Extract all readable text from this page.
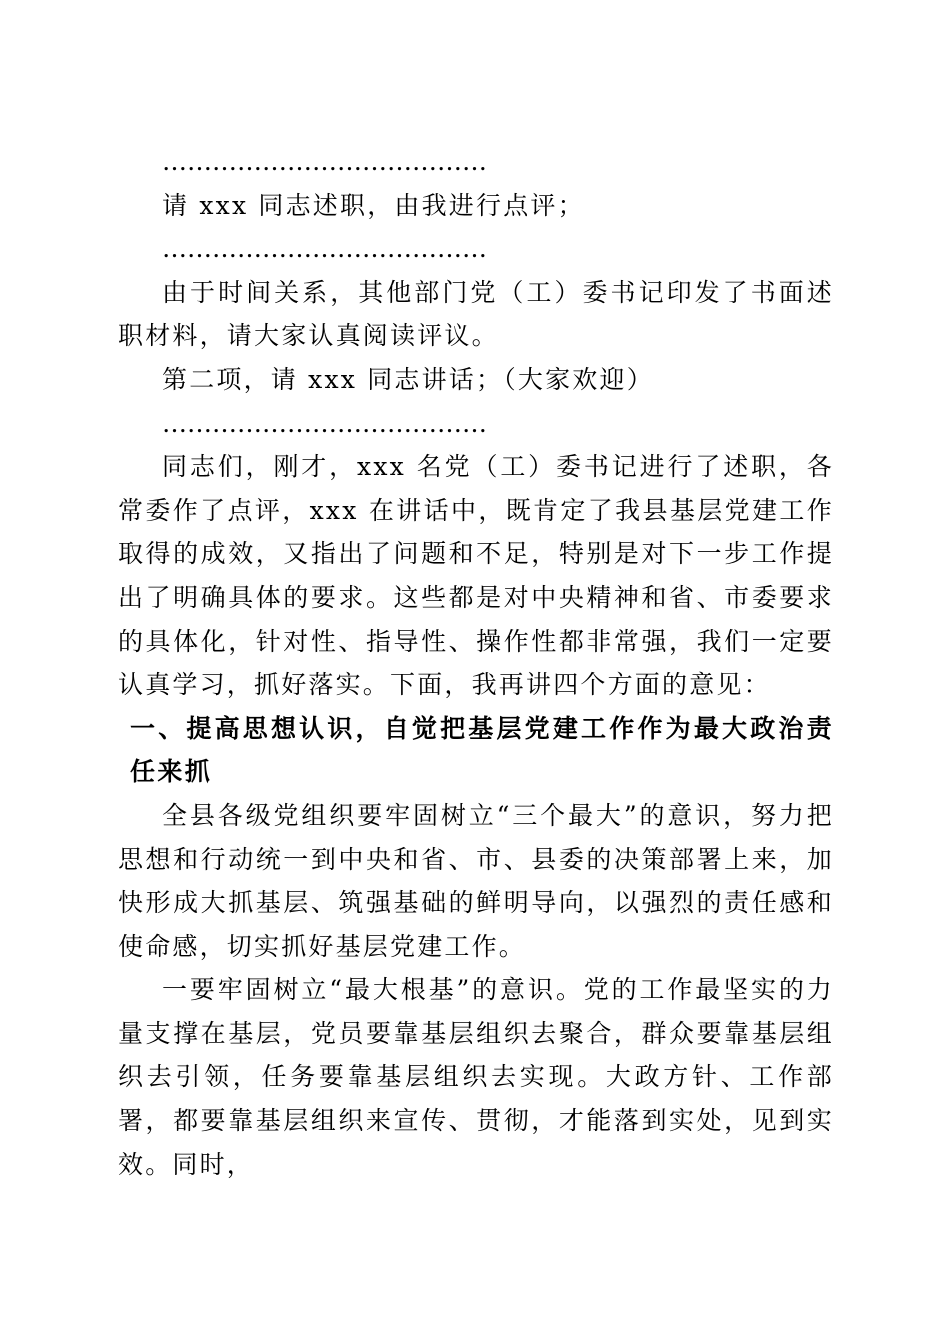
…………………………………

请 xxx 同志述职，由我进行点评；

…………………………………

由于时间关系，其他部门党（工）委书记印发了书面述职材料，请大家认真阅读评议。

第二项，请 xxx 同志讲话；（大家欢迎）

…………………………………

同志们，刚才，xxx 名党（工）委书记进行了述职，各常委作了点评，xxx 在讲话中，既肯定了我县基层党建工作取得的成效，又指出了问题和不足，特别是对下一步工作提出了明确具体的要求。这些都是对中央精神和省、市委要求的具体化，针对性、指导性、操作性都非常强，我们一定要认真学习，抓好落实。下面，我再讲四个方面的意见：

一、提高思想认识，自觉把基层党建工作作为最大政治责任来抓

全县各级党组织要牢固树立“三个最大”的意识，努力把思想和行动统一到中央和省、市、县委的决策部署上来，加快形成大抓基层、筑强基础的鲜明导向，以强烈的责任感和使命感，切实抓好基层党建工作。

一要牢固树立“最大根基”的意识。党的工作最坚实的力量支撑在基层，党员要靠基层组织去聚合，群众要靠基层组织去引领，任务要靠基层组织去实现。大政方针、工作部署，都要靠基层组织来宣传、贯彻，才能落到实处，见到实效。同时，
